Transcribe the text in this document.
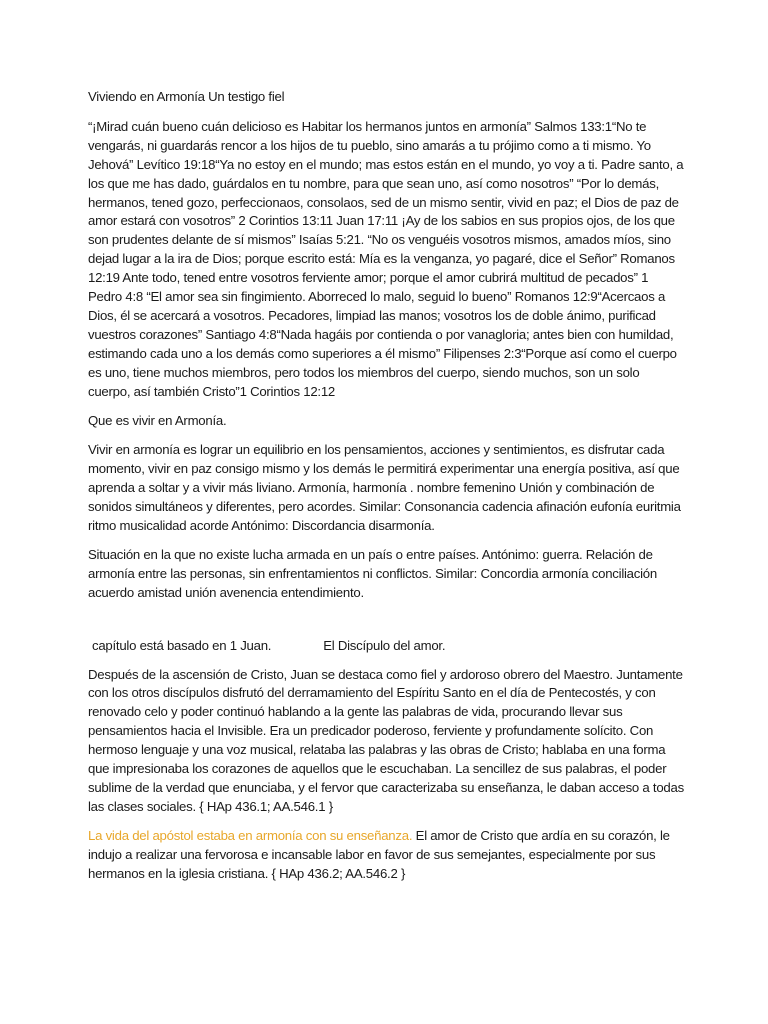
Viviendo en Armonía Un testigo fiel

“¡Mirad cuán bueno cuán delicioso es Habitar los hermanos juntos en armonía” Salmos 133:1“No te vengarás, ni guardarás rencor a los hijos de tu pueblo, sino amarás a tu prójimo como a ti mismo. Yo Jehová” Levítico 19:18“Ya no estoy en el mundo; mas estos están en el mundo, yo voy a ti. Padre santo, a los que me has dado, guárdalos en tu nombre, para que sean uno, así como nosotros” “Por lo demás, hermanos, tened gozo, perfeccionaos, consolaos, sed de un mismo sentir, vivid en paz; el Dios de paz de amor estará con vosotros” 2 Corintios 13:11 Juan 17:11 ¡Ay de los sabios en sus propios ojos, de los que son prudentes delante de sí mismos” Isaías 5:21. “No os venguéis vosotros mismos, amados míos, sino dejad lugar a la ira de Dios; porque escrito está: Mía es la venganza, yo pagaré, dice el Señor” Romanos 12:19 Ante todo, tened entre vosotros ferviente amor; porque el amor cubrirá multitud de pecados” 1 Pedro 4:8 “El amor sea sin fingimiento. Aborreced lo malo, seguid lo bueno” Romanos 12:9“Acercaos a Dios, él se acercará a vosotros. Pecadores, limpiad las manos; vosotros los de doble ánimo, purificad vuestros corazones” Santiago 4:8“Nada hagáis por contienda o por vanagloria; antes bien con humildad, estimando cada uno a los demás como superiores a él mismo” Filipenses 2:3“Porque así como el cuerpo es uno, tiene muchos miembros, pero todos los miembros del cuerpo, siendo muchos, son un solo cuerpo, así también Cristo”1 Corintios 12:12

Que es vivir en Armonía.

Vivir en armonía es lograr un equilibrio en los pensamientos, acciones y sentimientos, es disfrutar cada momento, vivir en paz consigo mismo y los demás le permitirá experimentar una energía positiva, así que aprenda a soltar y a vivir más liviano. Armonía, harmonía . nombre femenino Unión y combinación de sonidos simultáneos y diferentes, pero acordes. Similar: Consonancia cadencia afinación eufonía euritmia ritmo musicalidad acorde Antónimo: Discordancia disarmonía.

Situación en la que no existe lucha armada en un país o entre países. Antónimo: guerra. Relación de armonía entre las personas, sin enfrentamientos ni conflictos. Similar: Concordia armonía conciliación acuerdo amistad unión avenencia entendimiento.

capítulo está basado en 1 Juan.	El Discípulo del amor.

Después de la ascensión de Cristo, Juan se destaca como fiel y ardoroso obrero del Maestro. Juntamente con los otros discípulos disfrutó del derramamiento del Espíritu Santo en el día de Pentecostés, y con renovado celo y poder continuó hablando a la gente las palabras de vida, procurando llevar sus pensamientos hacia el Invisible. Era un predicador poderoso, ferviente y profundamente solícito. Con hermoso lenguaje y una voz musical, relataba las palabras y las obras de Cristo; hablaba en una forma que impresionaba los corazones de aquellos que le escuchaban. La sencillez de sus palabras, el poder sublime de la verdad que enunciaba, y el fervor que caracterizaba su enseñanza, le daban acceso a todas las clases sociales. { HAp 436.1; AA.546.1 }

La vida del apóstol estaba en armonía con su enseñanza. El amor de Cristo que ardía en su corazón, le indujo a realizar una fervorosa e incansable labor en favor de sus semejantes, especialmente por sus hermanos en la iglesia cristiana. { HAp 436.2; AA.546.2 }
